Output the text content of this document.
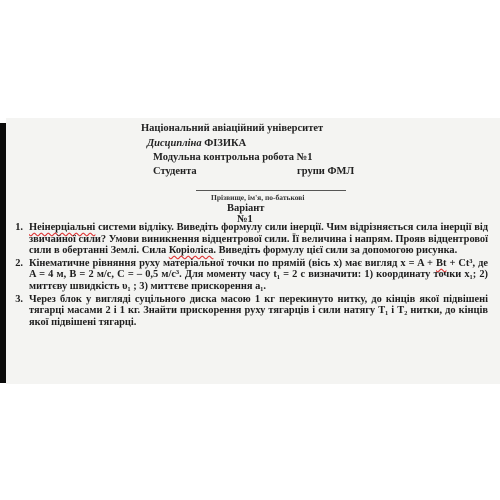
Національний авіаційний університет
Дисципліна ФІЗИКА
Модульна контрольна робота №1
Студента	групи ФМЛ
Прізвище, ім'я, по-батькові
Варіант
№1
1. Неінерціальні системи відліку. Виведіть формулу сили інерції. Чим відрізняється сила інерції від звичайної сили? Умови виникнення відцентрової сили. Її величина і напрям. Прояв відцентрової сили в обертанні Землі. Сила Коріоліса. Виведіть формулу цієї сили за допомогою рисунка.
2. Кінематичне рівняння руху матеріальної точки по прямій (вісь x) має вигляд x = A + Bt + Ct³, де A = 4 м, B = 2 м/с, C = – 0,5 м/с³. Для моменту часу t₁ = 2 с визначити: 1) координату точки x₁; 2) миттєву швидкість υ₁ ; 3) миттєве прискорення a₁.
3. Через блок у вигляді суцільного диска масою 1 кг перекинуто нитку, до кінців якої підвішені тягарці масами 2 і 1 кг. Знайти прискорення руху тягарців і сили натягу T₁ і T₂ нитки, до кінців якої підвішені тягарці.
